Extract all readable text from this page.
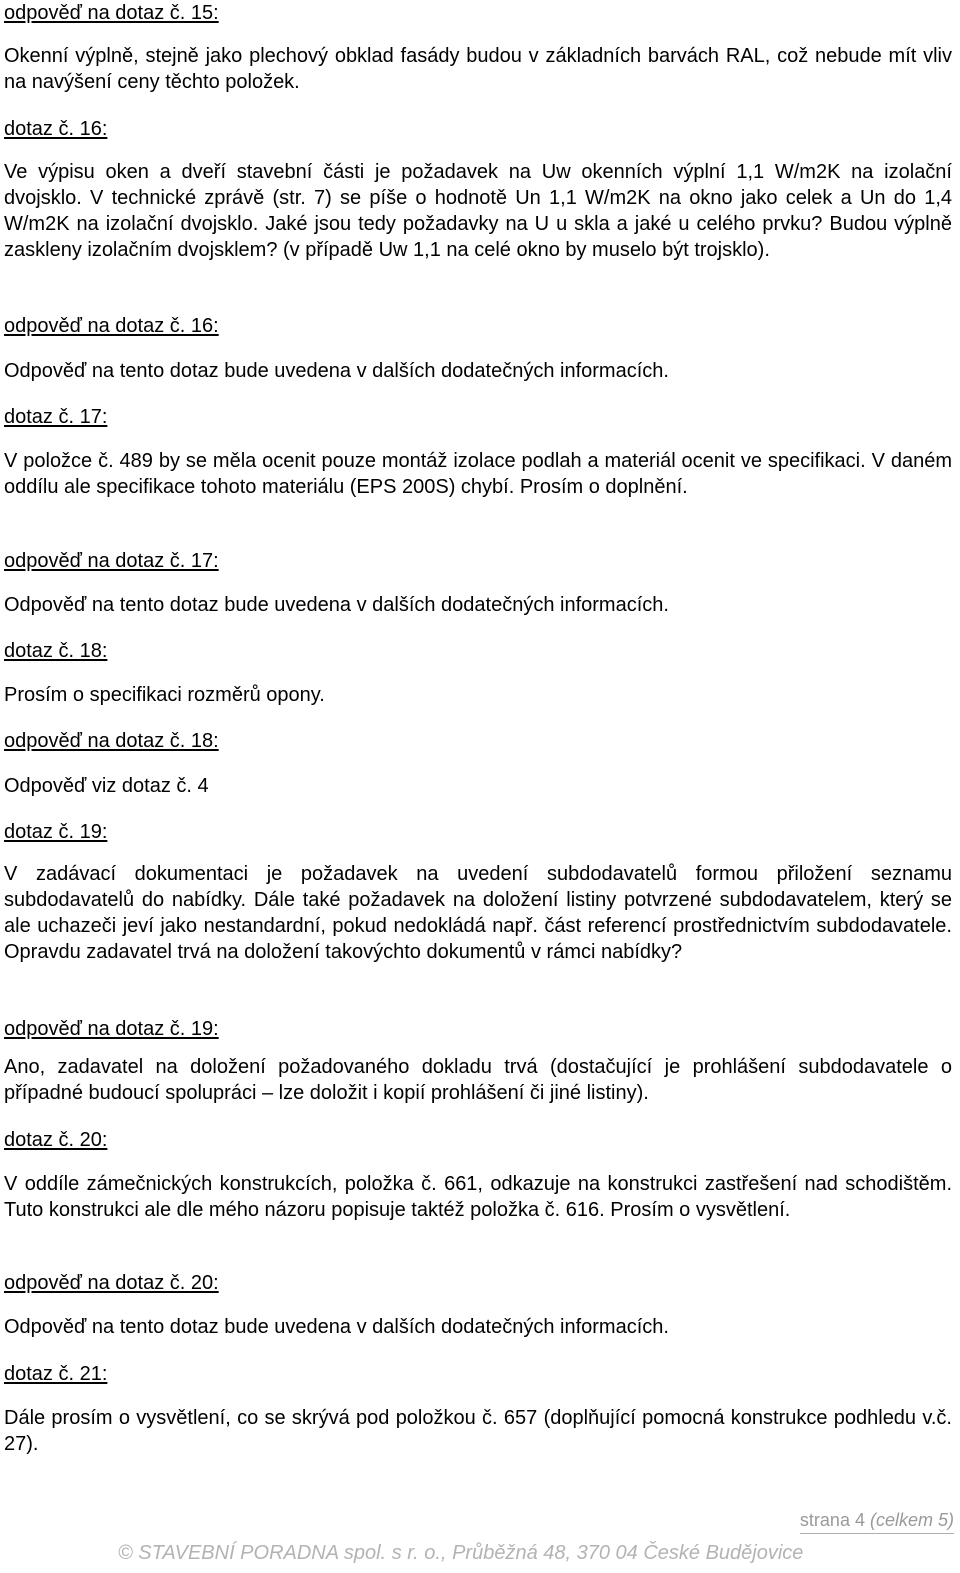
odpověď na dotaz č. 15:
Okenní výplně, stejně jako plechový obklad fasády budou v základních barvách RAL, což nebude mít vliv na navýšení ceny těchto položek.
dotaz č. 16:
Ve výpisu oken a dveří stavební části je požadavek na Uw okenních výplní 1,1 W/m2K na izolační dvojsklo. V technické zprávě (str. 7) se píše o hodnotě Un 1,1 W/m2K na okno jako celek a Un do 1,4 W/m2K na izolační dvojsklo. Jaké jsou tedy požadavky na U u skla a jaké u celého prvku? Budou výplně zaskleny izolačním dvojsklem? (v případě Uw 1,1 na celé okno by muselo být trojsklo).
odpověď na dotaz č. 16:
Odpověď na tento dotaz bude uvedena v dalších dodatečných informacích.
dotaz č. 17:
V položce č. 489 by se měla ocenit pouze montáž izolace podlah a materiál ocenit ve specifikaci. V daném oddílu ale specifikace tohoto materiálu (EPS 200S) chybí. Prosím o doplnění.
odpověď na dotaz č. 17:
Odpověď na tento dotaz bude uvedena v dalších dodatečných informacích.
dotaz č. 18:
Prosím o specifikaci rozměrů opony.
odpověď na dotaz č. 18:
Odpověď viz dotaz č. 4
dotaz č. 19:
V zadávací dokumentaci je požadavek na uvedení subdodavatelů formou přiložení seznamu subdodavatelů do nabídky. Dále také požadavek na doložení listiny potvrzené subdodavatelem, který se ale uchazeči jeví jako nestandardní, pokud nedokládá např. část referencí prostřednictvím subdodavatele. Opravdu zadavatel trvá na doložení takovýchto dokumentů v rámci nabídky?
odpověď na dotaz č. 19:
Ano, zadavatel na doložení požadovaného dokladu trvá (dostačující je prohlášení subdodavatele o případné budoucí spolupráci – lze doložit i kopií prohlášení či jiné listiny).
dotaz č. 20:
V oddíle zámečnických konstrukcích, položka č. 661, odkazuje na konstrukci zastřešení nad schodištěm. Tuto konstrukci ale dle mého názoru popisuje taktéž položka č. 616. Prosím o vysvětlení.
odpověď na dotaz č. 20:
Odpověď na tento dotaz bude uvedena v dalších dodatečných informacích.
dotaz č. 21:
Dále prosím o vysvětlení, co se skrývá pod položkou č. 657 (doplňující pomocná konstrukce podhledu v.č. 27).
strana 4 (celkem 5)
© STAVEBNÍ PORADNA spol. s r. o., Průběžná 48, 370 04 České Budějovice
